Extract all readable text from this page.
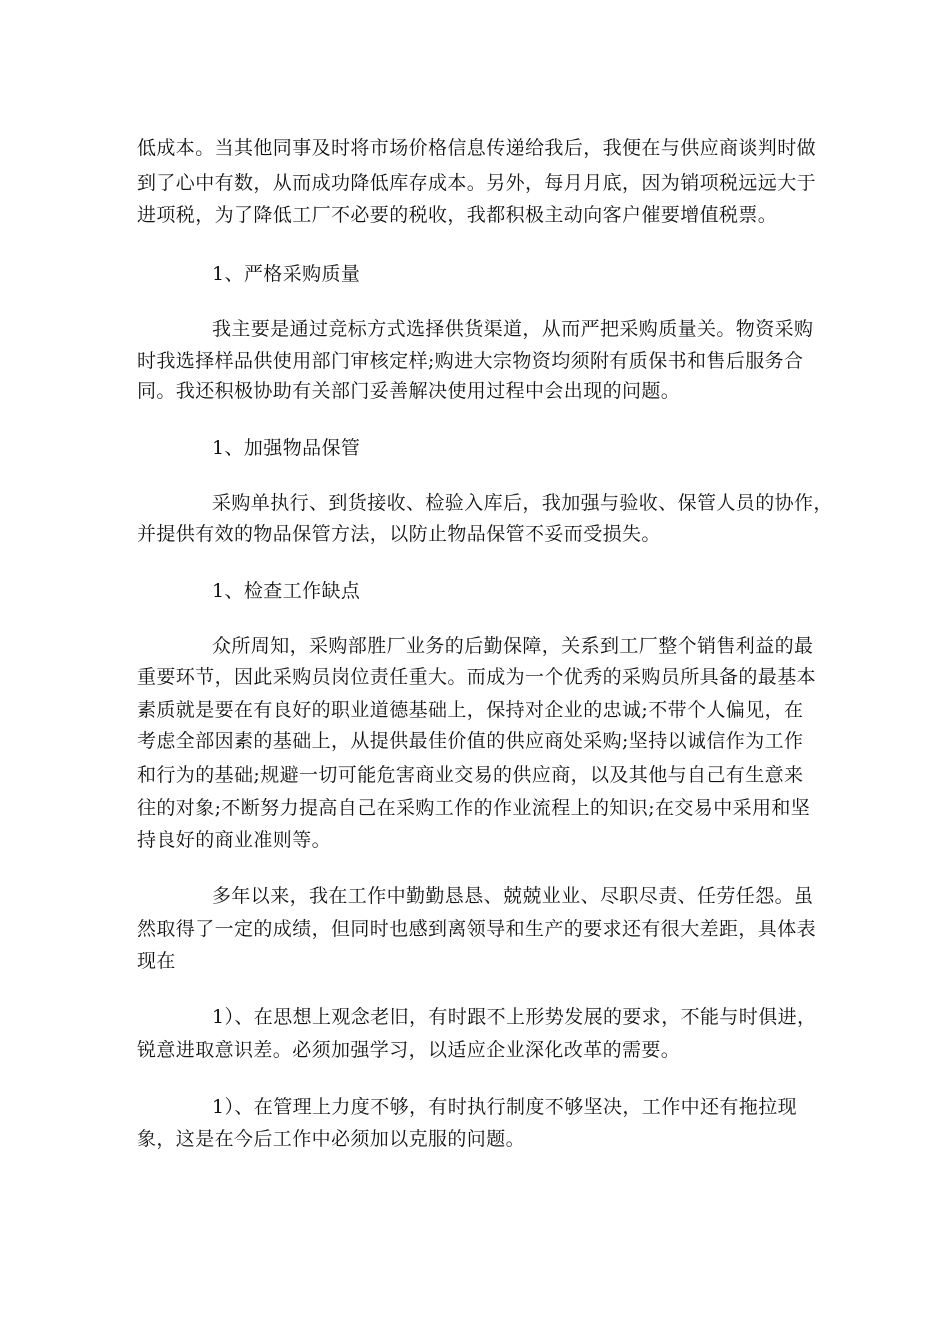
低成本。当其他同事及时将市场价格信息传递给我后，我便在与供应商谈判时做
到了心中有数，从而成功降低库存成本。另外，每月月底，因为销项税远远大于
进项税，为了降低工厂不必要的税收，我都积极主动向客户催要增值税票。
1、严格采购质量
我主要是通过竞标方式选择供货渠道，从而严把采购质量关。物资采购
时我选择样品供使用部门审核定样;购进大宗物资均须附有质保书和售后服务合
同。我还积极协助有关部门妥善解决使用过程中会出现的问题。
1、加强物品保管
采购单执行、到货接收、检验入库后，我加强与验收、保管人员的协作，
并提供有效的物品保管方法，以防止物品保管不妥而受损失。
1、检查工作缺点
众所周知，采购部胜厂业务的后勤保障，关系到工厂整个销售利益的最
重要环节，因此采购员岗位责任重大。而成为一个优秀的采购员所具备的最基本
素质就是要在有良好的职业道德基础上，保持对企业的忠诚;不带个人偏见，在
考虑全部因素的基础上，从提供最佳价值的供应商处采购;坚持以诚信作为工作
和行为的基础;规避一切可能危害商业交易的供应商，以及其他与自己有生意来
往的对象;不断努力提高自己在采购工作的作业流程上的知识;在交易中采用和坚
持良好的商业准则等。
多年以来，我在工作中勤勤恳恳、兢兢业业、尽职尽责、任劳任怨。虽
然取得了一定的成绩，但同时也感到离领导和生产的要求还有很大差距，具体表
现在
1）、在思想上观念老旧，有时跟不上形势发展的要求，不能与时俱进，
锐意进取意识差。必须加强学习，以适应企业深化改革的需要。
1）、在管理上力度不够，有时执行制度不够坚决，工作中还有拖拉现
象，这是在今后工作中必须加以克服的问题。
